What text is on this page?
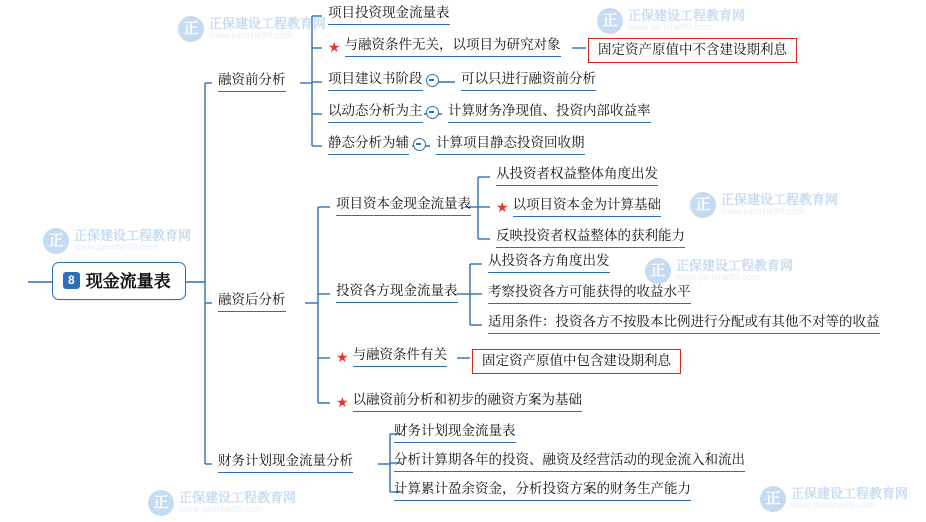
正 正保建设工程教育网
www.jianshe99.com
正 正保建设工程教育网
www.jianshe99.com
正 正保建设工程教育网
www.jianshe99.com
正 正保建设工程教育网
www.jianshe99.com
正 正保建设工程教育网
www.jianshe99.com
正 正保建设工程教育网
www.jianshe99.com
正 正保建设工程教育网
www.jianshe99.com
8 现金流量表
融资前分析
融资后分析
财务计划现金流量分析
项目投资现金流量表
★ 与融资条件无关，以项目为研究对象
项目建议书阶段	可以只进行融资前分析
以动态分析为主	计算财务净现值、投资内部收益率
静态分析为辅	计算项目静态投资回收期
固定资产原值中不含建设期利息
项目资本金现金流量表
从投资者权益整体角度出发
★ 以项目资本金为计算基础
反映投资者权益整体的获利能力
投资各方现金流量表
从投资各方角度出发
考察投资各方可能获得的收益水平
适用条件：投资各方不按股本比例进行分配或有其他不对等的收益
★ 与融资条件有关	固定资产原值中包含建设期利息
★ 以融资前分析和初步的融资方案为基础
财务计划现金流量表
分析计算期各年的投资、融资及经营活动的现金流入和流出
计算累计盈余资金，分析投资方案的财务生产能力
